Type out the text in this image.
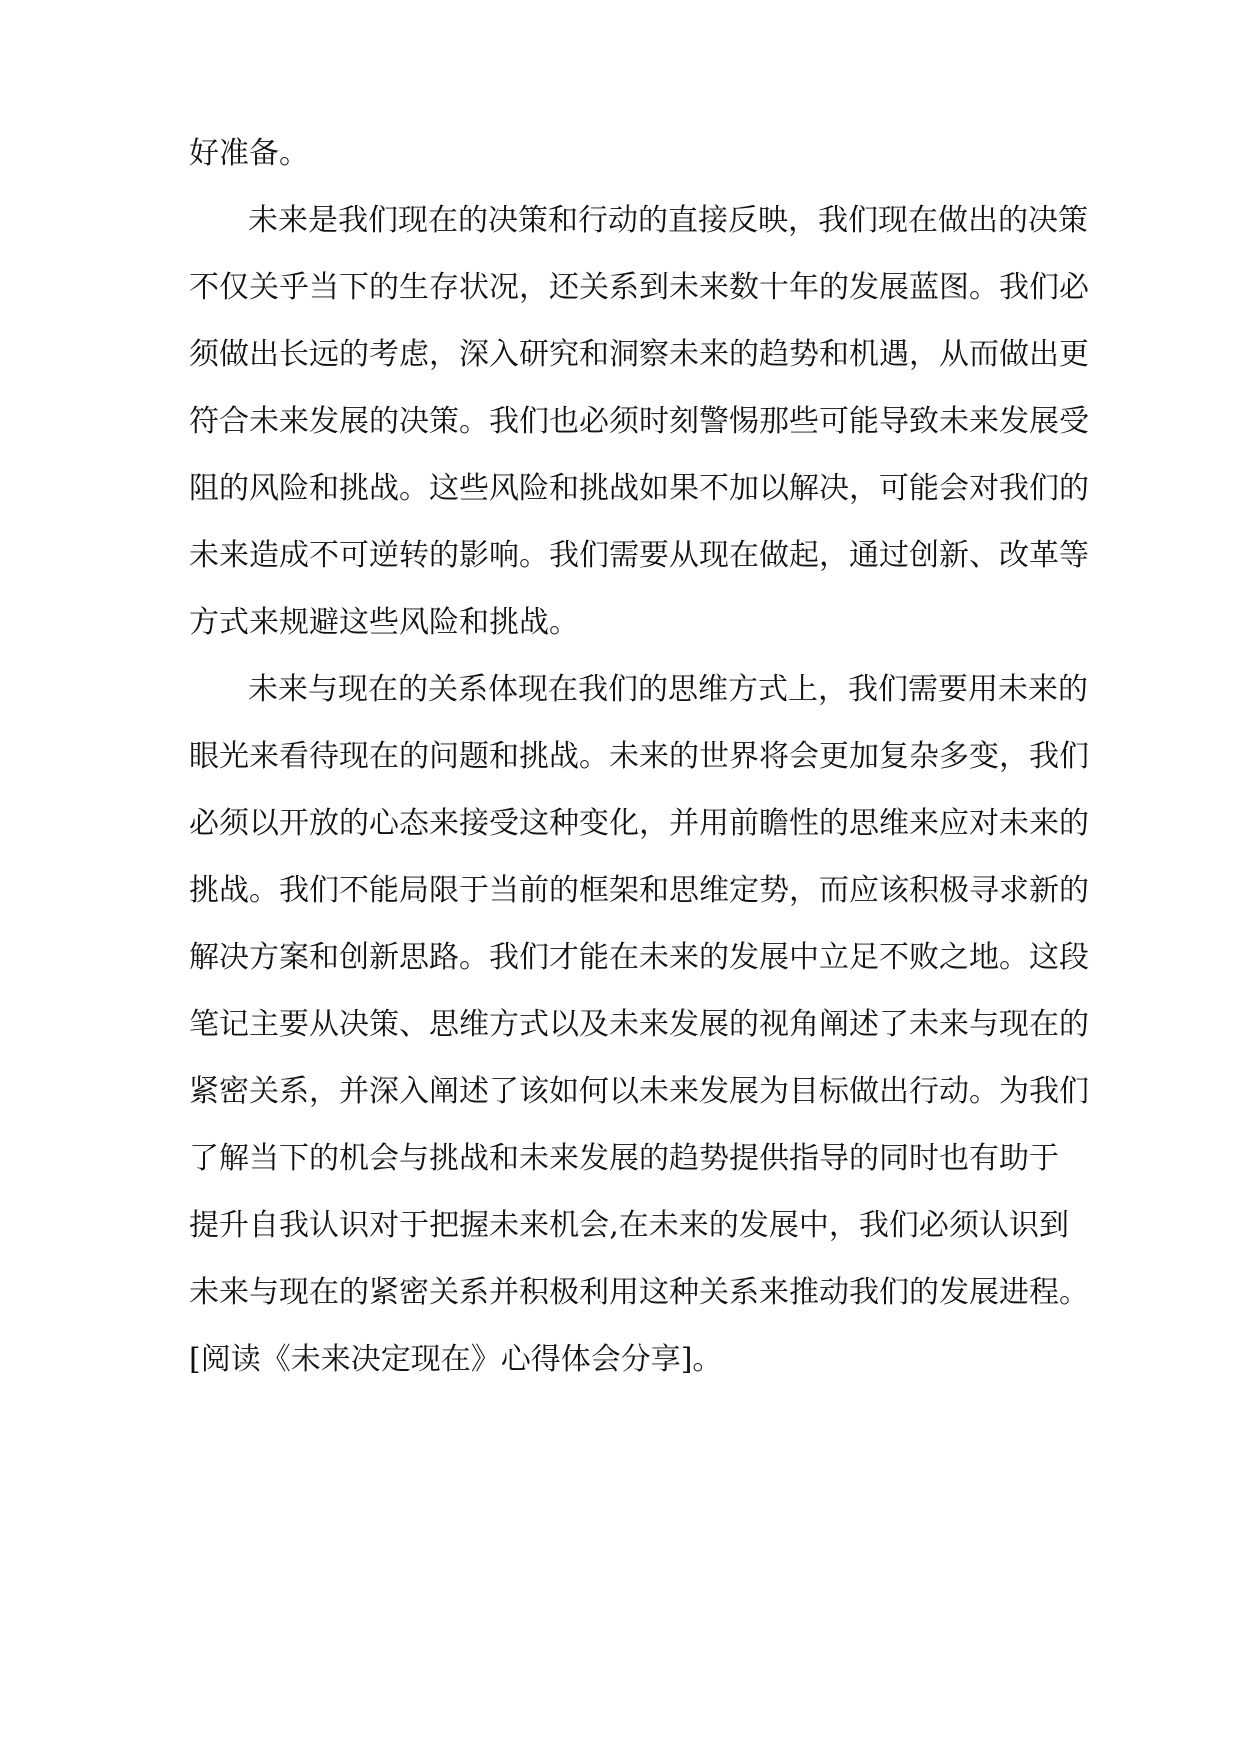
好准备。
未来是我们现在的决策和行动的直接反映，我们现在做出的决策
不仅关乎当下的生存状况，还关系到未来数十年的发展蓝图。我们必
须做出长远的考虑，深入研究和洞察未来的趋势和机遇，从而做出更
符合未来发展的决策。我们也必须时刻警惕那些可能导致未来发展受
阻的风险和挑战。这些风险和挑战如果不加以解决，可能会对我们的
未来造成不可逆转的影响。我们需要从现在做起，通过创新、改革等
方式来规避这些风险和挑战。
未来与现在的关系体现在我们的思维方式上，我们需要用未来的
眼光来看待现在的问题和挑战。未来的世界将会更加复杂多变，我们
必须以开放的心态来接受这种变化，并用前瞻性的思维来应对未来的
挑战。我们不能局限于当前的框架和思维定势，而应该积极寻求新的
解决方案和创新思路。我们才能在未来的发展中立足不败之地。这段
笔记主要从决策、思维方式以及未来发展的视角阐述了未来与现在的
紧密关系，并深入阐述了该如何以未来发展为目标做出行动。为我们
了解当下的机会与挑战和未来发展的趋势提供指导的同时也有助于
提升自我认识对于把握未来机会,在未来的发展中，我们必须认识到
未来与现在的紧密关系并积极利用这种关系来推动我们的发展进程。
[阅读《未来决定现在》心得体会分享]。
